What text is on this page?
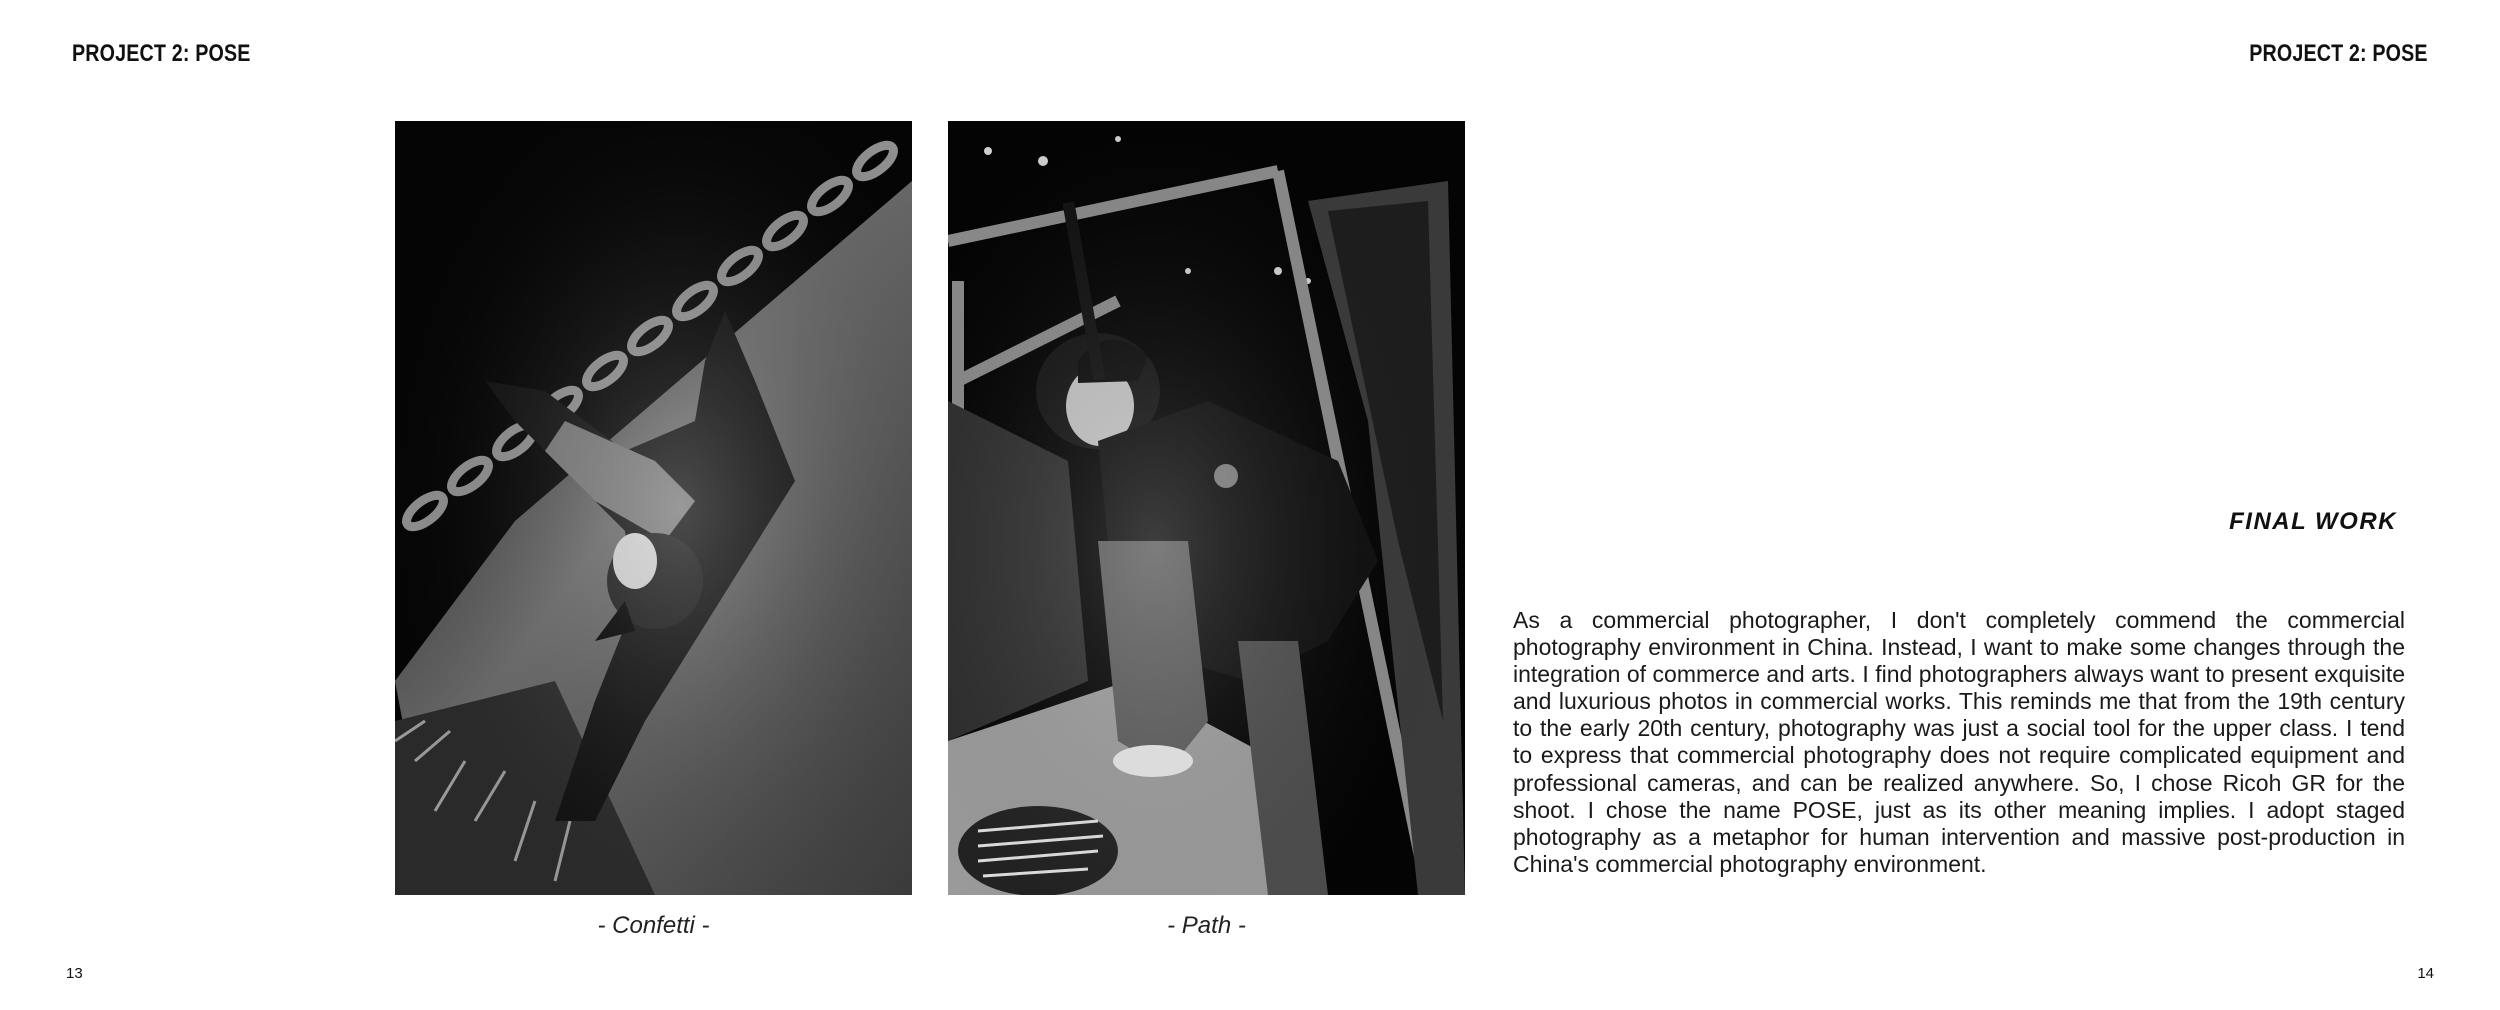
PROJECT 2: POSE	PROJECT 2: POSE
- Confetti -	- Path -
FINAL WORK
As a commercial photographer, I don't completely commend the commercial photography environment in China. Instead, I want to make some changes through the integration of commerce and arts. I find photographers always want to present exquisite and luxurious photos in commercial works. This reminds me that from the 19th century to the early 20th century, photography was just a social tool for the upper class. I tend to express that commercial photography does not require complicated equipment and professional cameras, and can be realized anywhere. So, I chose Ricoh GR for the shoot. I chose the name POSE, just as its other meaning implies. I adopt staged photography as a metaphor for human intervention and massive post-production in China's commercial photography environment.
13	14
